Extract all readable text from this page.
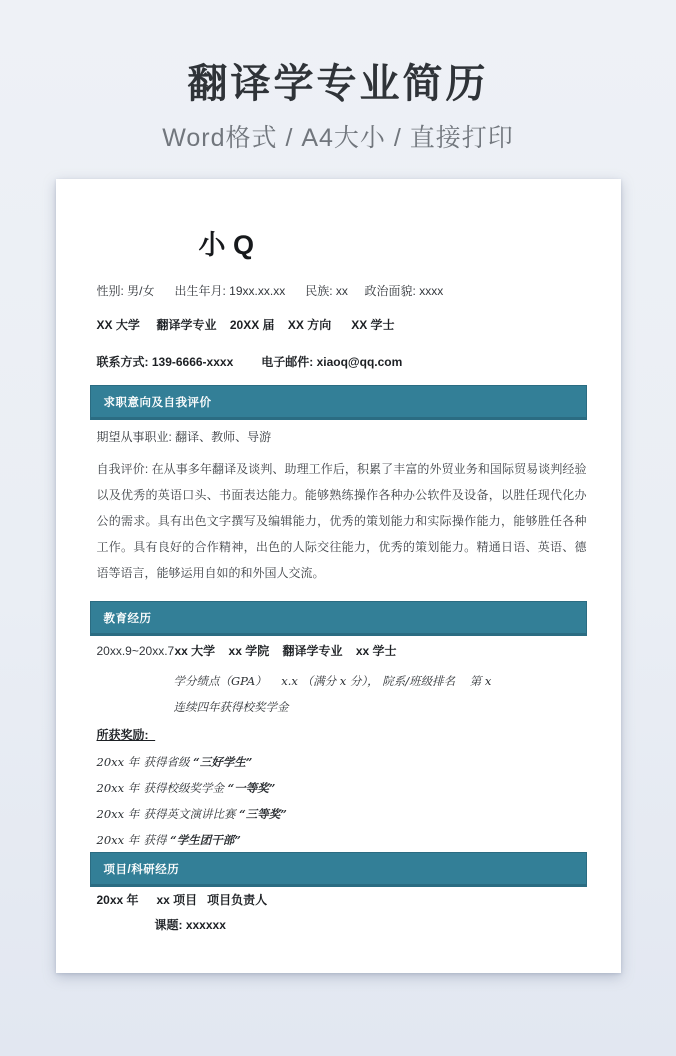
翻译学专业简历
Word格式 / A4大小 / 直接打印
小 Q
性别: 男/女      出生年月: 19xx.xx.xx      民族: xx     政治面貌: xxxx
XX 大学     翻译学专业    20XX 届    XX 方向      XX 学士
联系方式: 139-6666-xxxx 电子邮件: xiaoq@qq.com
求职意向及自我评价
期望从事职业: 翻译、教师、导游
自我评价: 在从事多年翻译及谈判、助理工作后，积累了丰富的外贸业务和国际贸易谈判经验以及优秀的英语口头、书面表达能力。能够熟练操作各种办公软件及设备，以胜任现代化办公的需求。具有出色文字撰写及编辑能力，优秀的策划能力和实际操作能力，能够胜任各种工作。具有良好的合作精神，出色的人际交往能力，优秀的策划能力。精通日语、英语、德语等语言，能够运用自如的和外国人交流。
教育经历
20xx.9~20xx.7 xx 大学    xx 学院    翻译学专业    xx 学士
学分绩点（GPA）    x.x （满分 x 分）， 院系/班级排名    第 x
连续四年获得校奖学金
所获奖励:
20xx 年 获得省级 “三好学生”
20xx 年 获得校级奖学金 “一等奖”
20xx 年 获得英文演讲比赛 “三等奖”
20xx 年 获得 “学生团干部”
项目/科研经历
20xx 年	xx 项目   项目负责人
课题: xxxxxx
